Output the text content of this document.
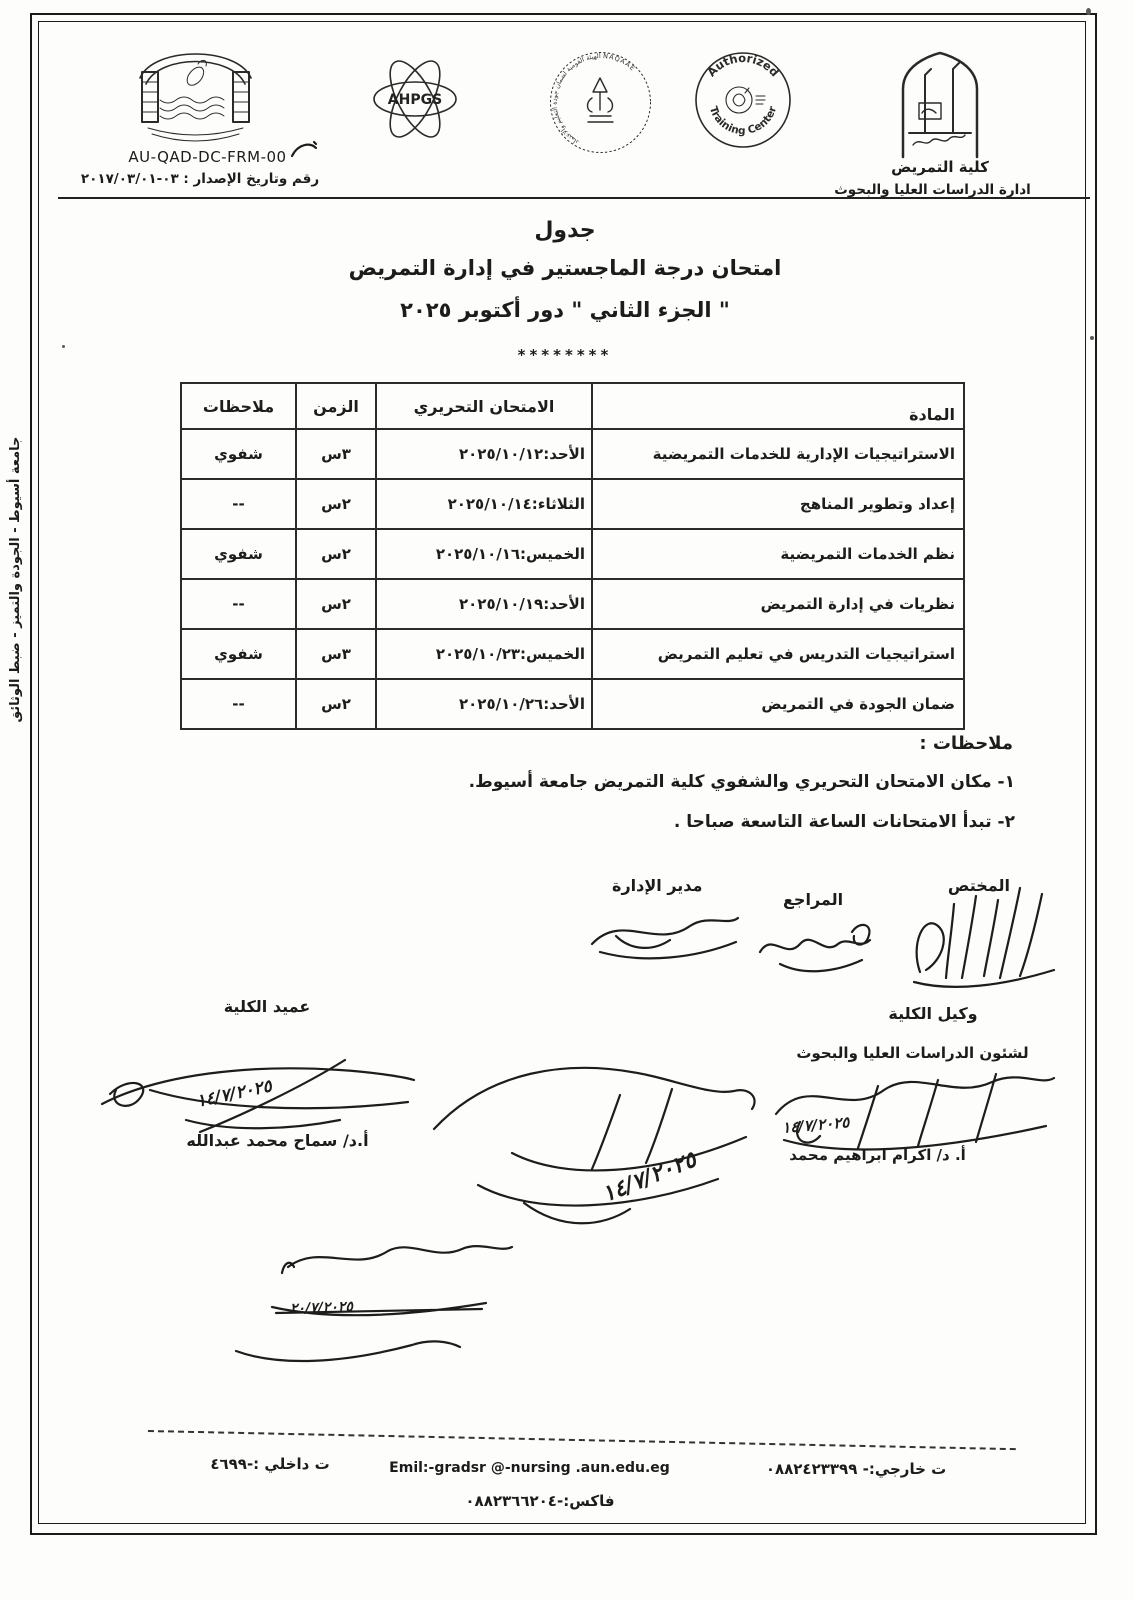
جامعة أسيوط - الجودة والتميز - ضبط الوثائق
AHPGS
الهيئة القومية لضمان جودة التعليم والاعتماد NAQAAE	Authorized
Training Center
AU-QAD-DC-FRM-00
رقم وتاريخ الإصدار : ٠٣-٢٠١٧/٠٣/٠١
كلية التمريض
ادارة الدراسات العليا والبحوث
جدول
امتحان درجة الماجستير في إدارة التمريض
" الجزء الثاني " دور أكتوبر ٢٠٢٥
********
المادة	الامتحان التحريري	الزمن	ملاحظات
الاستراتيجيات الإدارية للخدمات التمريضية	الأحد:٢٠٢٥/١٠/١٢	٣س	شفوي
إعداد وتطوير المناهج	الثلاثاء:٢٠٢٥/١٠/١٤	٢س	--
نظم الخدمات التمريضية	الخميس:٢٠٢٥/١٠/١٦	٢س	شفوي
نظريات في إدارة التمريض	الأحد:٢٠٢٥/١٠/١٩	٢س	--
استراتيجيات التدريس في تعليم التمريض	الخميس:٢٠٢٥/١٠/٢٣	٣س	شفوي
ضمان الجودة في التمريض	الأحد:٢٠٢٥/١٠/٢٦	٢س	--
ملاحظات :
١- مكان الامتحان التحريري والشفوي كلية التمريض جامعة أسيوط.
٢- تبدأ الامتحانات الساعة التاسعة صباحا .
المختص
المراجع
مدير الإدارة
وكيل الكلية
لشئون الدراسات العليا والبحوث
١٤/٧/٢٠٢٥
أ. د/ اكرام ابراهيم محمد
عميد الكلية
١٤/٧/٢٠٢٥
أ.د/ سماح محمد عبدالله
١٤/٧/٢٠٢٥
٢٠/٧/٢٠٢٥
ت خارجي:- ٠٨٨٢٤٢٣٣٩٩
Emil:-gradsr @-nursing .aun.edu.eg
ت داخلي :-٤٦٩٩
فاكس:-٠٨٨٢٣٦٦٢٠٤
